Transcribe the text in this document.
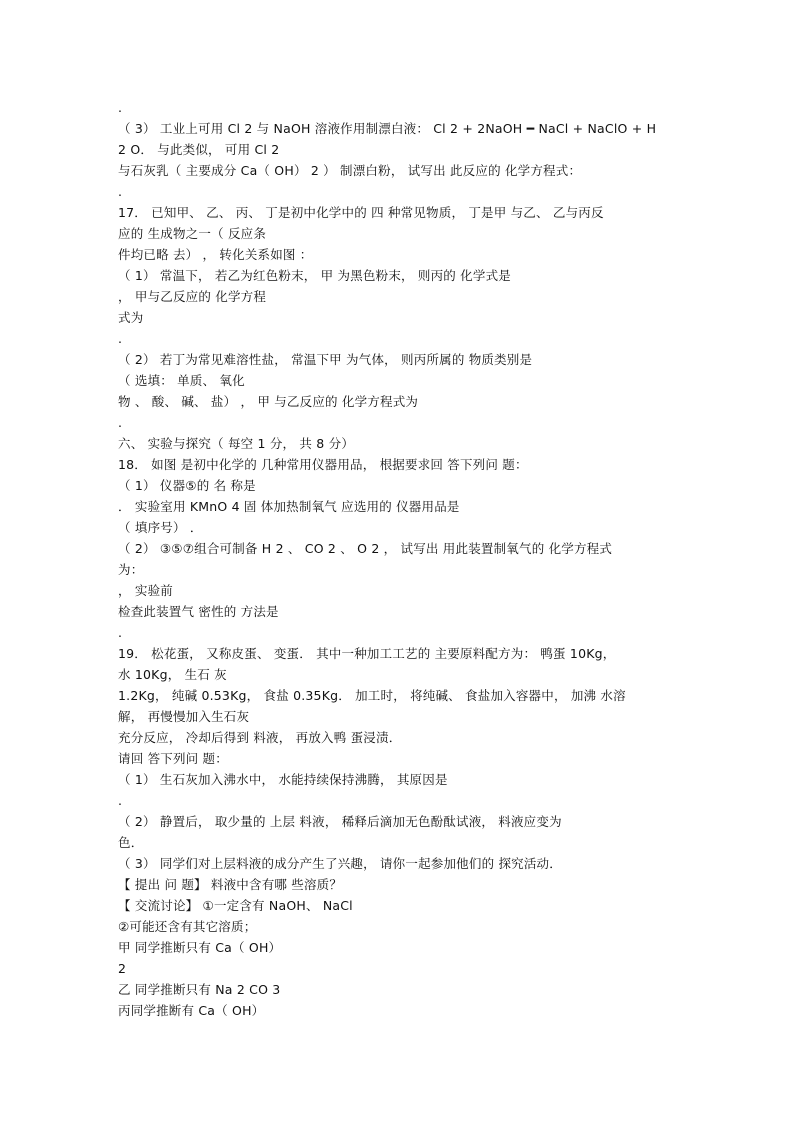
.
（ 3） 工业上可用 Cl 2 与 NaOH 溶液作用制漂白液： Cl 2 + 2NaOH ━ NaCl + NaClO + H
2 O． 与此类似， 可用 Cl 2
与石灰乳（ 主要成分 Ca（ OH） 2 ） 制漂白粉， 试写出 此反应的 化学方程式：
.
17． 已知甲、 乙、 丙、 丁是初中化学中的 四 种常见物质， 丁是甲 与乙、 乙与丙反
应的 生成物之一（ 反应条
件均已略 去） ， 转化关系如图 ：
（ 1） 常温下， 若乙为红色粉末， 甲 为黑色粉末， 则丙的 化学式是
， 甲与乙反应的 化学方程
式为
.
（ 2） 若丁为常见难溶性盐， 常温下甲 为气体， 则丙所属的 物质类别是
（ 选填： 单质、 氧化
物 、 酸、 碱、 盐） ， 甲 与乙反应的 化学方程式为
.
六、 实验与探究（ 每空 1 分， 共 8 分）
18． 如图 是初中化学的 几种常用仪器用品， 根据要求回 答下列问 题：
（ 1） 仪器⑤的 名 称是
． 实验室用 KMnO 4 固 体加热制氧气 应选用的 仪器用品是
（ 填序号） ．
（ 2） ③⑤⑦组合可制备 H 2 、 CO 2 、 O 2 ， 试写出 用此装置制氧气的 化学方程式
为：
， 实验前
检查此装置气 密性的 方法是
.
19． 松花蛋， 又称皮蛋、 变蛋． 其中一种加工工艺的 主要原料配方为： 鸭蛋 10Kg，
水 10Kg， 生石 灰
1.2Kg， 纯碱 0.53Kg， 食盐 0.35Kg． 加工时， 将纯碱、 食盐加入容器中， 加沸 水溶
解， 再慢慢加入生石灰
充分反应， 冷却后得到 料液， 再放入鸭 蛋浸渍．
请回 答下列问 题：
（ 1） 生石灰加入沸水中， 水能持续保持沸腾， 其原因是
.
（ 2） 静置后， 取少量的 上层 料液， 稀释后滴加无色酚酞试液， 料液应变为
色．
（ 3） 同学们对上层料液的成分产生了兴趣， 请你一起参加他们的 探究活动．
【 提出 问 题】 料液中含有哪 些溶质？
【 交流讨论】 ①一定含有 NaOH、 NaCl
②可能还含有其它溶质；
甲 同学推断只有 Ca（ OH）
2
乙 同学推断只有 Na 2 CO 3
丙同学推断有 Ca（ OH）
